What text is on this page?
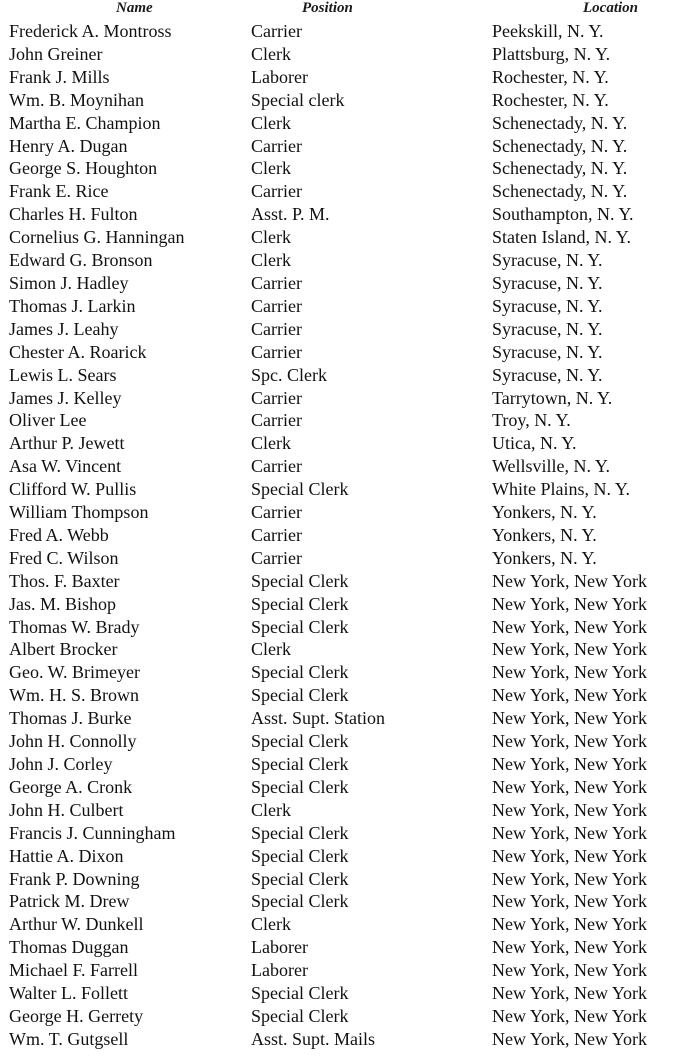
Name	Position	Location
Frederick A. Montross	Carrier	Peekskill, N. Y.
John Greiner	Clerk	Plattsburg, N. Y.
Frank J. Mills	Laborer	Rochester, N. Y.
Wm. B. Moynihan	Special clerk	Rochester, N. Y.
Martha E. Champion	Clerk	Schenectady, N. Y.
Henry A. Dugan	Carrier	Schenectady, N. Y.
George S. Houghton	Clerk	Schenectady, N. Y.
Frank E. Rice	Carrier	Schenectady, N. Y.
Charles H. Fulton	Asst. P. M.	Southampton, N. Y.
Cornelius G. Hanningan	Clerk	Staten Island, N. Y.
Edward G. Bronson	Clerk	Syracuse, N. Y.
Simon J. Hadley	Carrier	Syracuse, N. Y.
Thomas J. Larkin	Carrier	Syracuse, N. Y.
James J. Leahy	Carrier	Syracuse, N. Y.
Chester A. Roarick	Carrier	Syracuse, N. Y.
Lewis L. Sears	Spc. Clerk	Syracuse, N. Y.
James J. Kelley	Carrier	Tarrytown, N. Y.
Oliver Lee	Carrier	Troy, N. Y.
Arthur P. Jewett	Clerk	Utica, N. Y.
Asa W. Vincent	Carrier	Wellsville, N. Y.
Clifford W. Pullis	Special Clerk	White Plains, N. Y.
William Thompson	Carrier	Yonkers, N. Y.
Fred A. Webb	Carrier	Yonkers, N. Y.
Fred C. Wilson	Carrier	Yonkers, N. Y.
Thos. F. Baxter	Special Clerk	New York, New York
Jas. M. Bishop	Special Clerk	New York, New York
Thomas W. Brady	Special Clerk	New York, New York
Albert Brocker	Clerk	New York, New York
Geo. W. Brimeyer	Special Clerk	New York, New York
Wm. H. S. Brown	Special Clerk	New York, New York
Thomas J. Burke	Asst. Supt. Station	New York, New York
John H. Connolly	Special Clerk	New York, New York
John J. Corley	Special Clerk	New York, New York
George A. Cronk	Special Clerk	New York, New York
John H. Culbert	Clerk	New York, New York
Francis J. Cunningham	Special Clerk	New York, New York
Hattie A. Dixon	Special Clerk	New York, New York
Frank P. Downing	Special Clerk	New York, New York
Patrick M. Drew	Special Clerk	New York, New York
Arthur W. Dunkell	Clerk	New York, New York
Thomas Duggan	Laborer	New York, New York
Michael F. Farrell	Laborer	New York, New York
Walter L. Follett	Special Clerk	New York, New York
George H. Gerrety	Special Clerk	New York, New York
Wm. T. Gutgsell	Asst. Supt. Mails	New York, New York
